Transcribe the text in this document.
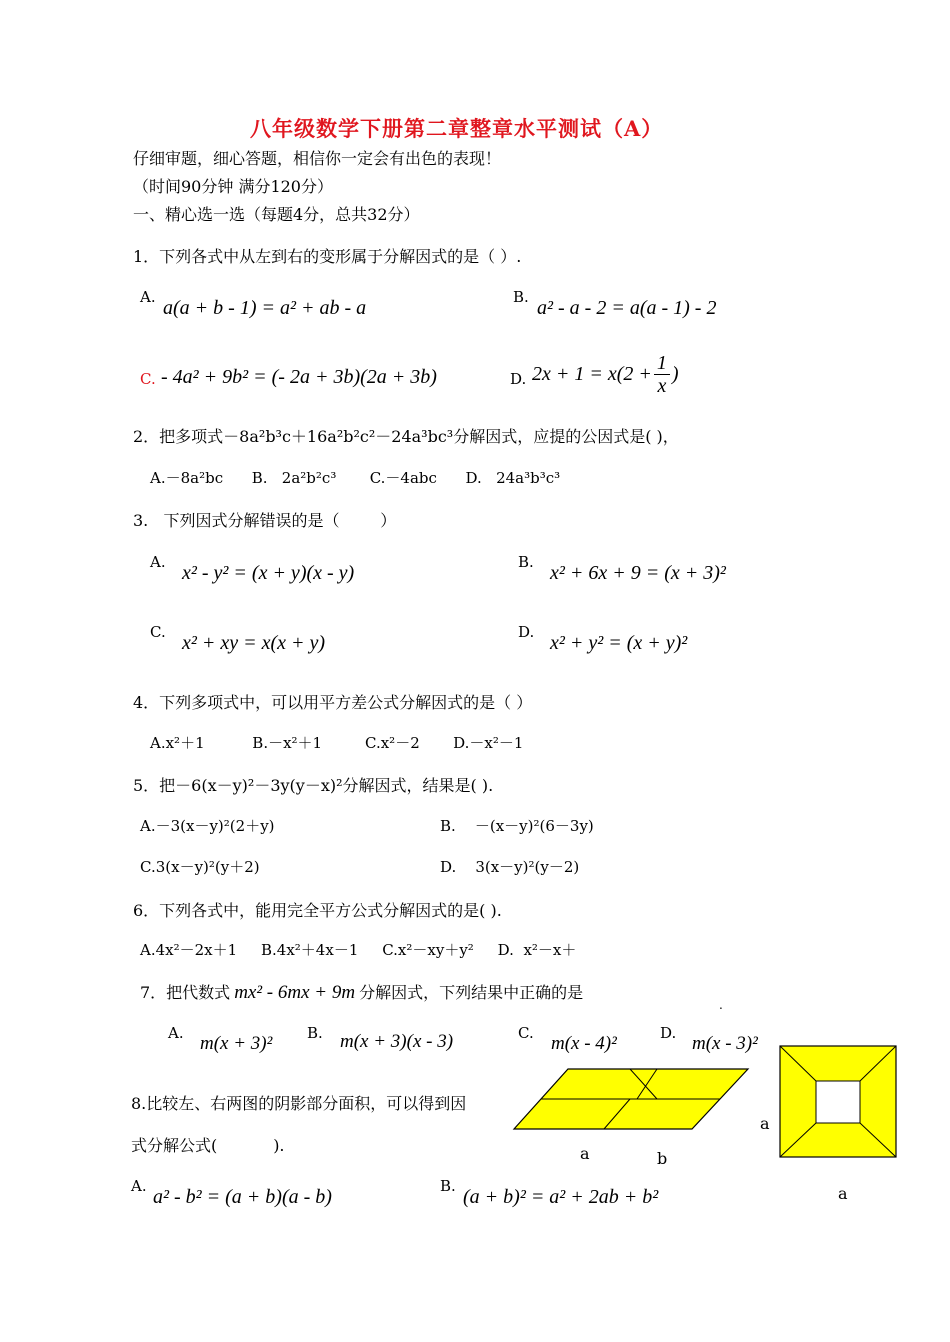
八年级数学下册第二章整章水平测试（A）
仔细审题，细心答题，相信你一定会有出色的表现！
（时间90分钟 满分120分）
一、精心选一选（每题4分，总共32分）
1．下列各式中从左到右的变形属于分解因式的是（ ）.
A. a(a + b - 1) = a² + ab - a	B. a² - a - 2 = a(a - 1) - 2
C. - 4a² + 9b² = (- 2a + 3b)(2a + 3b)	D. $2x + 1 = x(2 + \frac{1}{x}$ )
2．把多项式－8a²b³c＋16a²b²c²－24a³bc³分解因式，应提的公因式是( )，
A.－8a²bc      B.   2a²b²c³       C.－4abc      D.   24a³b³c³
3.   下列因式分解错误的是（        ）
A. x² - y² = (x + y)(x - y)	B. x² + 6x + 9 = (x + 3)²
C. x² + xy = x(x + y)	D. x² + y² = (x + y)²
4．下列多项式中，可以用平方差公式分解因式的是（ ）
A.x²＋1          B.－x²＋1         C.x²－2       D.－x²－1
5．把－6(x－y)²－3y(y－x)²分解因式，结果是( ).
A.－3(x－y)²(2＋y)	B.    －(x－y)²(6－3y)
C.3(x－y)²(y＋2)	D.    3(x－y)²(y－2)
6．下列各式中，能用完全平方公式分解因式的是( ).
A.4x²－2x＋1     B.4x²＋4x－1     C.x²－xy＋y²     D.  x²－x＋
7．把代数式 mx² - 6mx + 9m 分解因式，下列结果中正确的是
.
A. m(x + 3)² B. m(x + 3)(x - 3)	C. m(x - 4)²	D. m(x - 3)²
a	b
a
a
8.比较左、右两图的阴影部分面积，可以得到因
式分解公式(           ).
A. a² - b² = (a + b)(a - b)	B. (a + b)² = a² + 2ab + b²
